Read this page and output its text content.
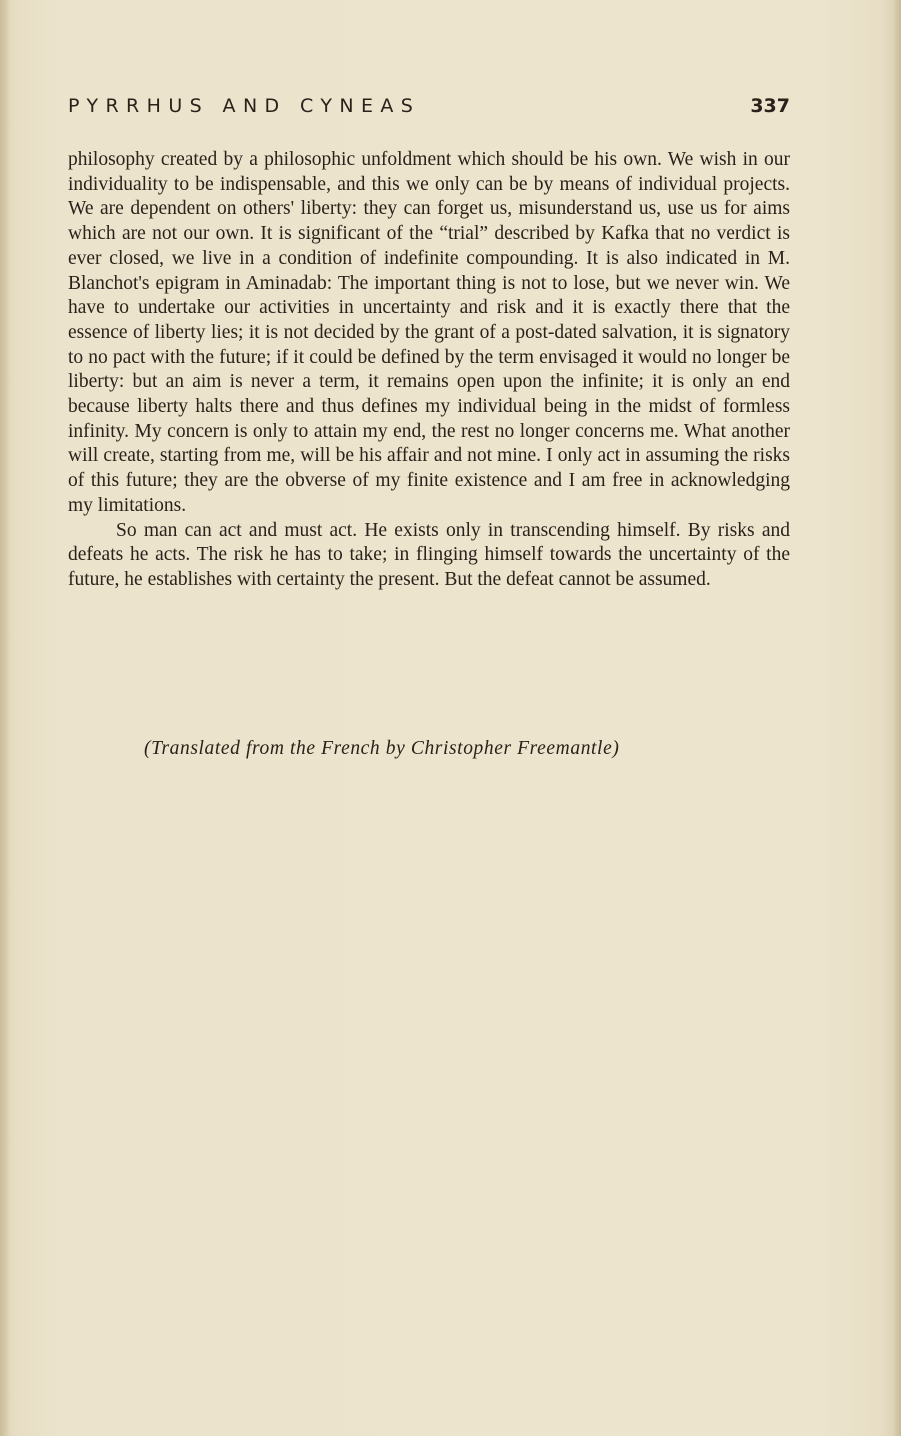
PYRRHUS AND CYNEAS	337

philosophy created by a philosophic unfoldment which should be his own. We wish in our individuality to be indispensable, and this we only can be by means of individual projects. We are dependent on others' liberty: they can forget us, misunderstand us, use us for aims which are not our own. It is significant of the “trial” described by Kafka that no verdict is ever closed, we live in a condition of indefinite compounding. It is also indicated in M. Blanchot's epigram in Aminadab: The important thing is not to lose, but we never win. We have to undertake our activities in uncertainty and risk and it is exactly there that the essence of liberty lies; it is not decided by the grant of a post-dated salvation, it is signatory to no pact with the future; if it could be defined by the term envisaged it would no longer be liberty: but an aim is never a term, it remains open upon the infinite; it is only an end because liberty halts there and thus defines my individual being in the midst of formless infinity. My concern is only to attain my end, the rest no longer concerns me. What another will create, starting from me, will be his affair and not mine. I only act in assuming the risks of this future; they are the obverse of my finite existence and I am free in acknowledging my limitations.

So man can act and must act. He exists only in transcending himself. By risks and defeats he acts. The risk he has to take; in flinging himself towards the uncertainty of the future, he establishes with certainty the present. But the defeat cannot be assumed.

(Translated from the French by Christopher Freemantle)
